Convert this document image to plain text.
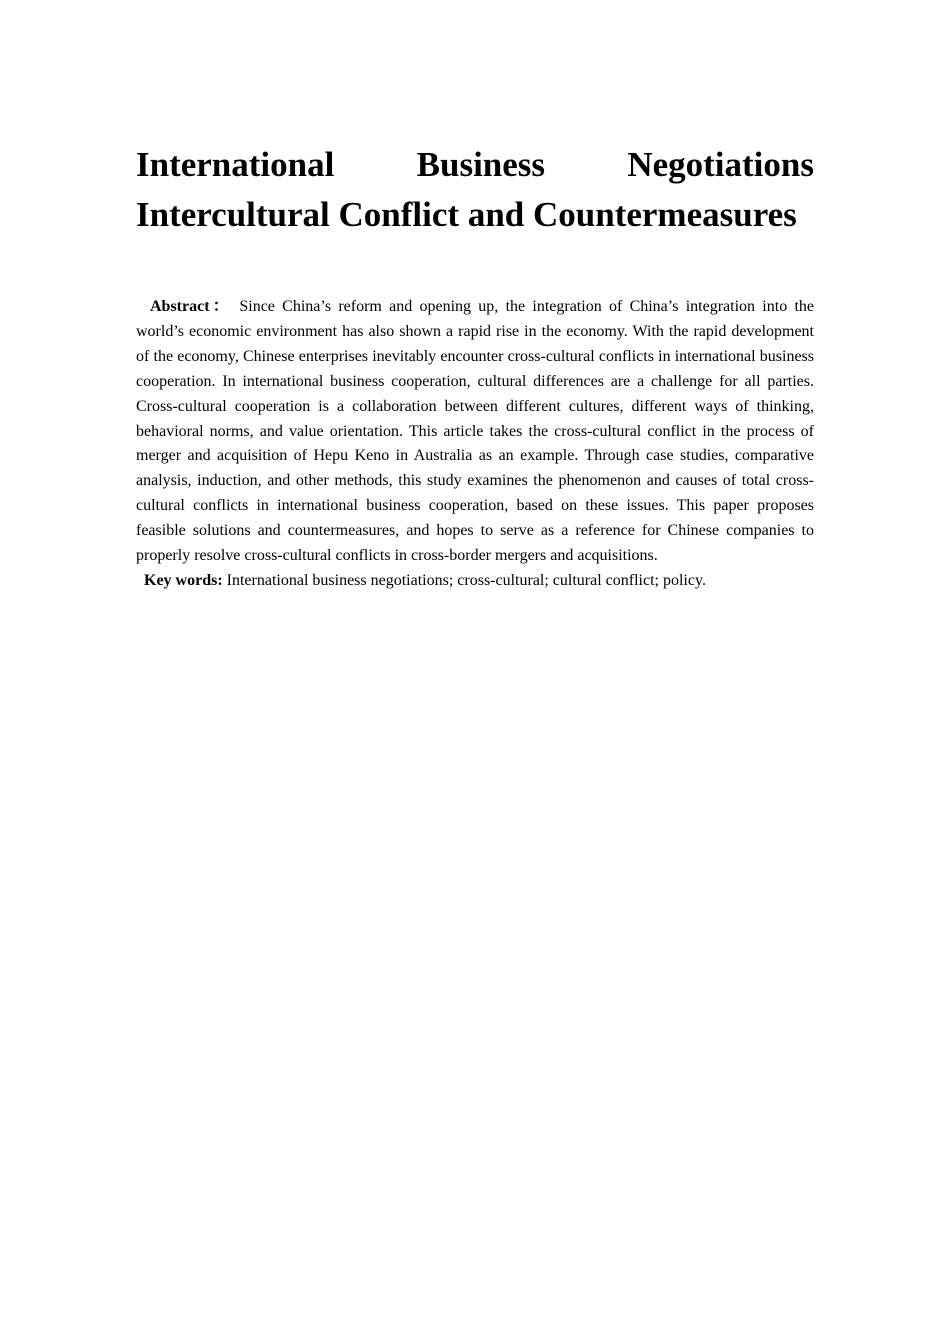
International Business Negotiations
Intercultural Conflict and Countermeasures

Abstract： Since China’s reform and opening up, the integration of China’s integration into the world’s economic environment has also shown a rapid rise in the economy. With the rapid development of the economy, Chinese enterprises inevitably encounter cross-cultural conflicts in international business cooperation. In international business cooperation, cultural differences are a challenge for all parties. Cross-cultural cooperation is a collaboration between different cultures, different ways of thinking, behavioral norms, and value orientation. This article takes the cross-cultural conflict in the process of merger and acquisition of Hepu Keno in Australia as an example. Through case studies, comparative analysis, induction, and other methods, this study examines the phenomenon and causes of total cross-cultural conflicts in international business cooperation, based on these issues. This paper proposes feasible solutions and countermeasures, and hopes to serve as a reference for Chinese companies to properly resolve cross-cultural conflicts in cross-border mergers and acquisitions.

Key words: International business negotiations; cross-cultural; cultural conflict; policy.
